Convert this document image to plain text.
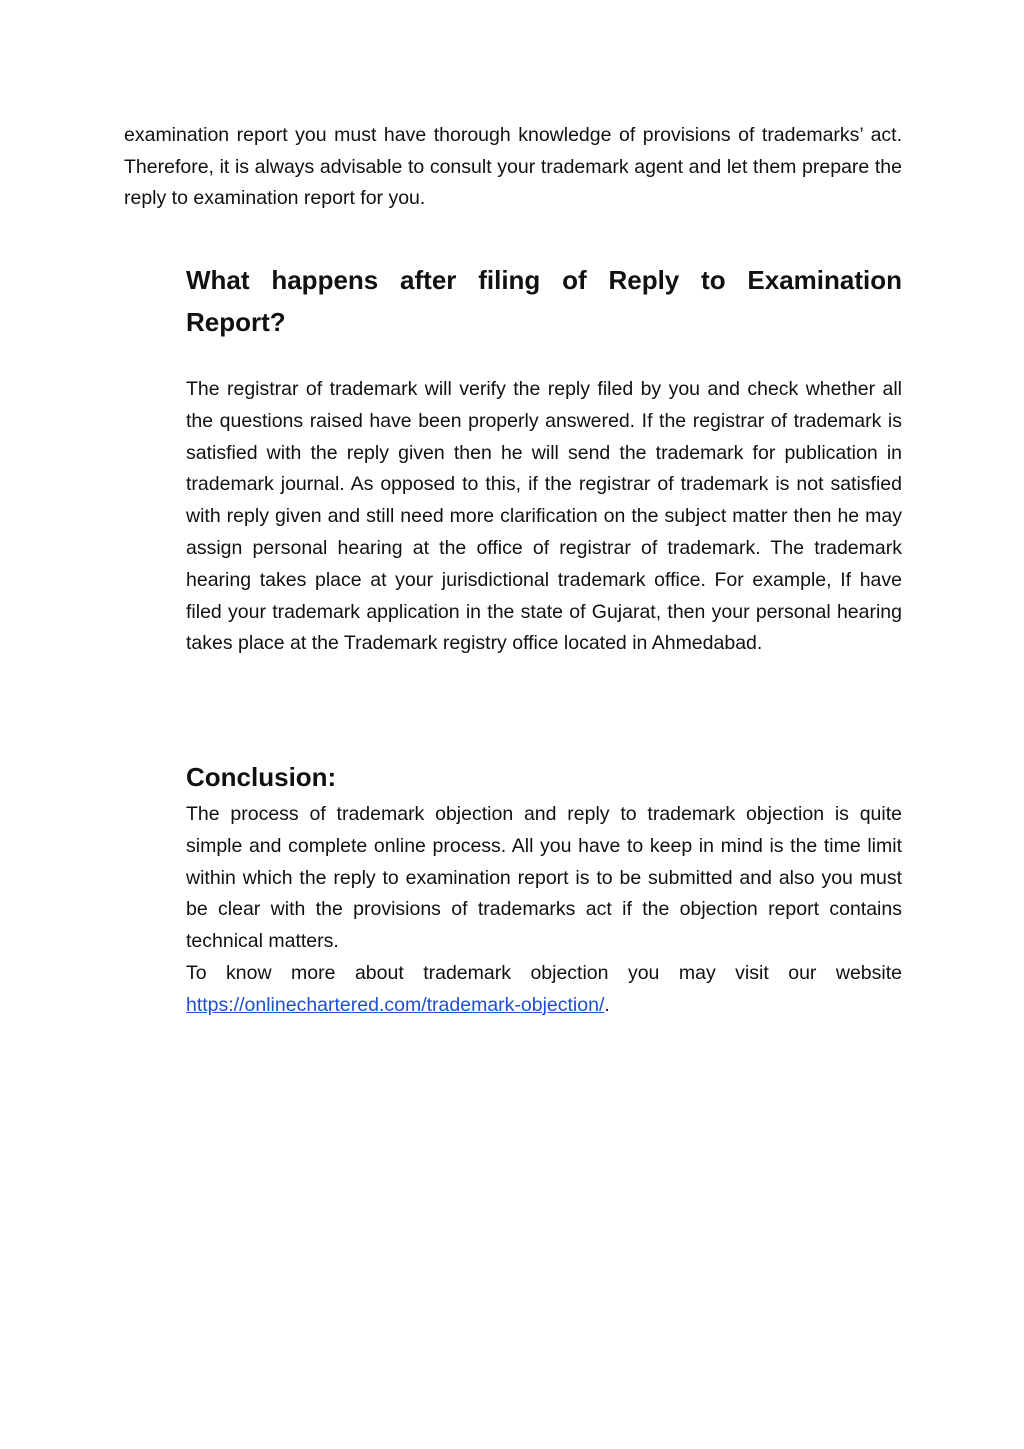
examination report you must have thorough knowledge of provisions of trademarks’ act. Therefore, it is always advisable to consult your trademark agent and let them prepare the reply to examination report for you.

What happens after filing of Reply to Examination Report?

The registrar of trademark will verify the reply filed by you and check whether all the questions raised have been properly answered. If the registrar of trademark is satisfied with the reply given then he will send the trademark for publication in trademark journal. As opposed to this, if the registrar of trademark is not satisfied with reply given and still need more clarification on the subject matter then he may assign personal hearing at the office of registrar of trademark. The trademark hearing takes place at your jurisdictional trademark office. For example, If have filed your trademark application in the state of Gujarat, then your personal hearing takes place at the Trademark registry office located in Ahmedabad.

Conclusion:

The process of trademark objection and reply to trademark objection is quite simple and complete online process. All you have to keep in mind is the time limit within which the reply to examination report is to be submitted and also you must be clear with the provisions of trademarks act if the objection report contains technical matters.

To know more about trademark objection you may visit our website https://onlinechartered.com/trademark-objection/.
